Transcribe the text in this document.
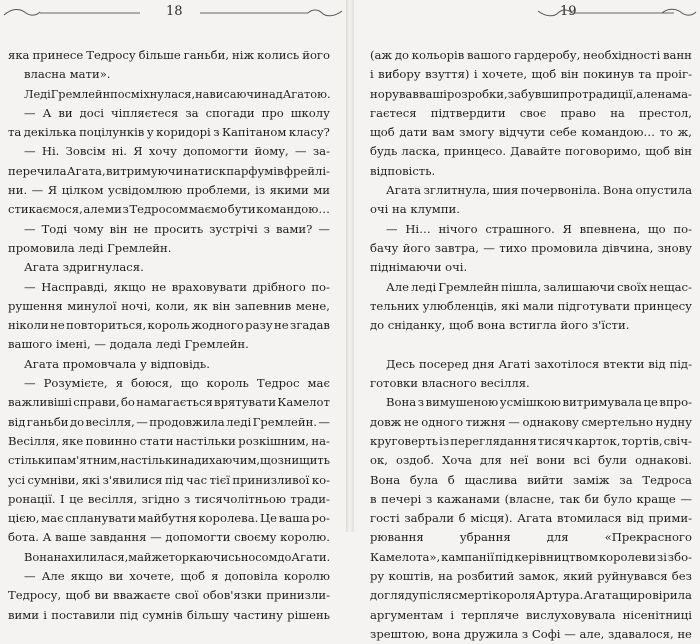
18
яка принесе Тедросу більше ганьби, ніж колись його
власна мати».
Леді Гремлейн посміхнулася, нависаючи над Агатою.
— А ви досі чіпляєтеся за спогади про школу
та декілька поцілунків у коридорі з Капітаном класу?
— Ні. Зовсім ні. Я хочу допомогти йому, — за-
перечила Агата, витримуючи натиск парфумів фрейлі-
ни. — Я цілком усвідомлюю проблеми, із якими ми
стикаємося, але ми з Тедросом маємо бути командою…
— Тоді чому він не просить зустрічі з вами? —
промовила леді Гремлейн.
Агата здригнулася.
— Насправді, якщо не враховувати дрібного по-
рушення минулої ночі, коли, як він запевнив мене,
ніколи не повториться, король жодного разу не згадав
вашого імені, — додала леді Гремлейн.
Агата промовчала у відповідь.
— Розумієте, я боюся, що король Тедрос має
важливіші справи, бо намагається врятувати Камелот
від ганьби до весілля, — продовжила леді Гремлейн. —
Весілля, яке повинно стати настільки розкішним, на-
стільки пам'ятним, настільки надихаючим, що знищить
усі сумніви, які з'явилися під час тієї принизливої ко-
ронації. І це весілля, згідно з тисячолітньою тради-
цією, має спланувати майбутня королева. Це ваша ро-
бота. А ваше завдання — допомогти своєму королю.
Вона нахилилася, майже торкаючись носом до Агати.
— Але якщо ви хочете, щоб я доповіла королю
Тедросу, щоб ви вважаєте свої обов'язки принизли-
вими і поставили під сумнів більшу частину рішень
19
(аж до кольорів вашого гардеробу, необхідності ванн
і вибору взуття) і хочете, щоб він покинув та проіг-
норував ваші розробки, забувши про традиції, але нама-
гаєтеся підтвердити своє право на престол,
щоб дати вам змогу відчути себе командою… то ж,
будь ласка, принцесо. Давайте поговоримо, щоб він
відповість.
Агата зглитнула, шия почервоніла. Вона опустила
очі на клумпи.
— Ні… нічого страшного. Я впевнена, що по-
бачу його завтра, — тихо промовила дівчина, знову
піднімаючи очі.
Але леді Гремлейн пішла, залишаючи своїх нещас-
тельних улюбленців, які мали підготувати принцесу
до сніданку, щоб вона встигла його з'їсти.
Десь посеред дня Агаті захотілося втекти від під-
готовки власного весілля.
Вона з вимушеною усмішкою витримувала це впро-
довж не одного тижня — однакову смертельно нудну
круговерть із переглядання тисяч карток, тортів, свіч-
ок, оздоб. Хоча для неї вони всі були однакові.
Вона була б щаслива вийти заміж за Тедроса
в печері з кажанами (власне, так би було краще —
гості забрали б місця). Агата втомилася від прими-
рювання	убрання	для	«Прекрасного
Камелота», кампанії під керівництвом королеви зі збо-
ру коштів, на розбитий замок, який руйнувався без
догляду після смерті короля Артура. Агата щиро вірила
аргументам і терпляче вислуховувала нісенітниці
зрештою, вона дружила з Софі — але, здавалося, не
